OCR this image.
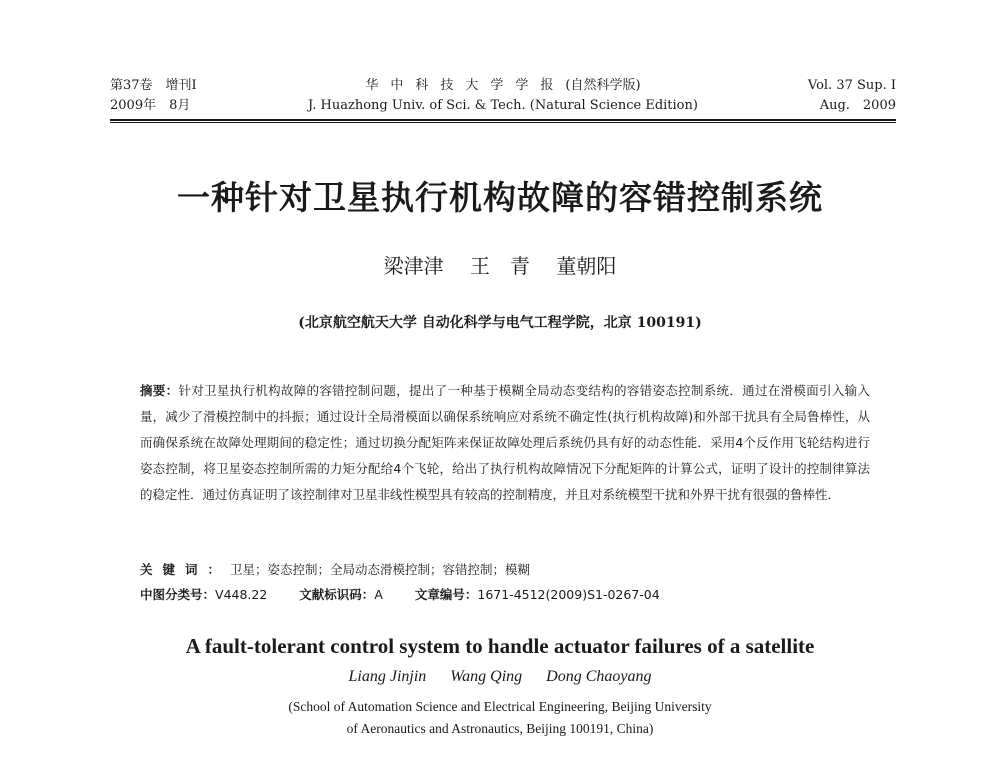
第37卷　增刊Ⅰ
2009年　8月
华中科技大学学报(自然科学版)
J. Huazhong Univ. of Sci. & Tech. (Natural Science Edition)
Vol. 37 Sup. Ⅰ
Aug.　2009
一种针对卫星执行机构故障的容错控制系统
梁津津 王　青 董朝阳
(北京航空航天大学 自动化科学与电气工程学院，北京 100191)
摘要：针对卫星执行机构故障的容错控制问题，提出了一种基于模糊全局动态变结构的容错姿态控制系统．通过在滑模面引入输入量，减少了滑模控制中的抖振；通过设计全局滑模面以确保系统响应对系统不确定性(执行机构故障)和外部干扰具有全局鲁棒性，从而确保系统在故障处理期间的稳定性；通过切换分配矩阵来保证故障处理后系统仍具有好的动态性能．采用4个反作用飞轮结构进行姿态控制，将卫星姿态控制所需的力矩分配给4个飞轮，给出了执行机构故障情况下分配矩阵的计算公式，证明了设计的控制律算法的稳定性．通过仿真证明了该控制律对卫星非线性模型具有较高的控制精度，并且对系统模型干扰和外界干扰有很强的鲁棒性．
关键词：卫星；姿态控制；全局动态滑模控制；容错控制；模糊
中图分类号：V448.22	文献标识码：A	文章编号：1671-4512(2009)S1-0267-04
A fault-tolerant control system to handle actuator failures of a satellite
Liang Jinjin Wang Qing Dong Chaoyang
(School of Automation Science and Electrical Engineering, Beijing University
of Aeronautics and Astronautics, Beijing 100191, China)
